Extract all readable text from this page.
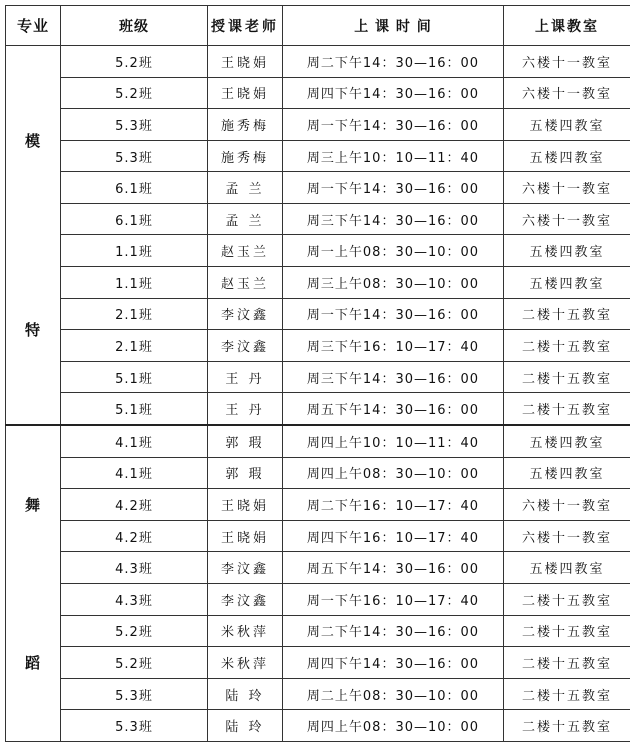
专业	班级	授课老师	上 课 时 间	上课教室

模
特	5.2班	王晓娟	周二下午14：30—16：00	六楼十一教室
	5.2班	王晓娟	周四下午14：30—16：00	六楼十一教室
	5.3班	施秀梅	周一下午14：30—16：00	五楼四教室
	5.3班	施秀梅	周三上午10：10—11：40	五楼四教室
	6.1班	孟 兰	周一下午14：30—16：00	六楼十一教室
	6.1班	孟 兰	周三下午14：30—16：00	六楼十一教室
	1.1班	赵玉兰	周一上午08：30—10：00	五楼四教室
	1.1班	赵玉兰	周三上午08：30—10：00	五楼四教室
	2.1班	李汶鑫	周一下午14：30—16：00	二楼十五教室
	2.1班	李汶鑫	周三下午16：10—17：40	二楼十五教室
	5.1班	王 丹	周三下午14：30—16：00	二楼十五教室
	5.1班	王 丹	周五下午14：30—16：00	二楼十五教室

舞
蹈	4.1班	郭 瑕	周四上午10：10—11：40	五楼四教室
	4.1班	郭 瑕	周四上午08：30—10：00	五楼四教室
	4.2班	王晓娟	周二下午16：10—17：40	六楼十一教室
	4.2班	王晓娟	周四下午16：10—17：40	六楼十一教室
	4.3班	李汶鑫	周五下午14：30—16：00	五楼四教室
	4.3班	李汶鑫	周一下午16：10—17：40	二楼十五教室
	5.2班	米秋萍	周二下午14：30—16：00	二楼十五教室
	5.2班	米秋萍	周四下午14：30—16：00	二楼十五教室
	5.3班	陆 玲	周二上午08：30—10：00	二楼十五教室
	5.3班	陆 玲	周四上午08：30—10：00	二楼十五教室
